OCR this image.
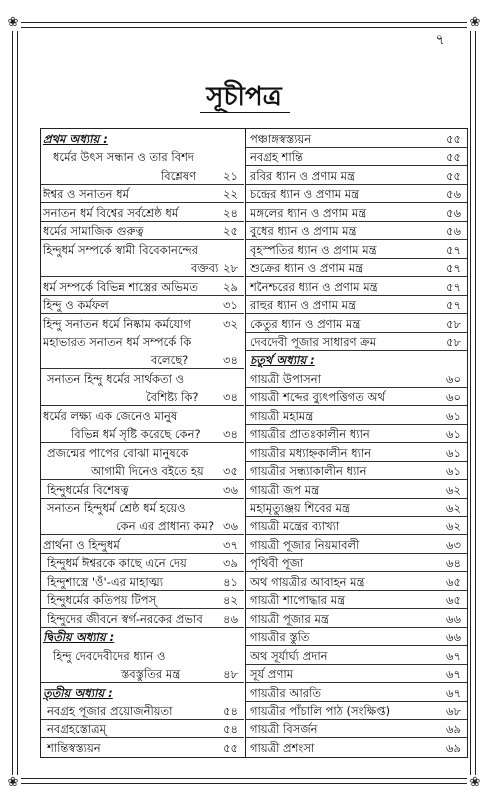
❀	❀
❀	❀
৭
সূচীপত্র
প্রথম অধ্যায় :
ধর্মের উৎস সন্ধান ও তার বিশদ
বিশ্লেষণ ২১
ঈশ্বর ও সনাতন ধর্ম	২২
সনাতন ধর্ম বিশ্বের সর্বশ্রেষ্ঠ ধর্ম	২৪
ধর্মের সামাজিক গুরুত্ব	২৫
হিন্দুধর্ম সম্পর্কে স্বামী বিবেকানন্দের
বক্তব্য ২৮
ধর্ম সম্পর্কে বিভিন্ন শাস্ত্রের অভিমত ২৯
হিন্দু ও কর্মফল	৩১
হিন্দু সনাতন ধর্মে নিষ্কাম কর্মযোগ	৩২
মহাভারত সনাতন ধর্ম সম্পর্কে কি
বলেছে?	৩৪
সনাতন হিন্দু ধর্মের সার্থকতা ও
বৈশিষ্ট্য কি? ৩৪
ধর্মের লক্ষ্য এক জেনেও মানুষ
বিভিন্ন ধর্ম সৃষ্টি করেছে কেন? ৩৪
প্রজন্মের পাপের বোঝা মানুষকে
আগামী দিনেও বইতে হয় ৩৫
হিন্দুধর্মের বিশেষত্ব	৩৬
সনাতন হিন্দুধর্ম শ্রেষ্ঠ ধর্ম হয়েও
কেন এর প্রাধান্য কম? ৩৬
প্রার্থনা ও হিন্দুধর্ম	৩৭
হিন্দুধর্ম ঈশ্বরকে কাছে এনে দেয়	৩৯
হিন্দুশাস্ত্রে 'ওঁ'-এর মাহাত্ম্য	৪১
হিন্দুধর্মের কতিপয় টিপস্	৪২
হিন্দুদের জীবনে স্বর্গ-নরকের প্রভাব ৪৬
দ্বিতীয় অধ্যায় :
হিন্দু দেবদেবীদের ধ্যান ও
স্তবস্তুতির মন্ত্র	৪৮
তৃতীয় অধ্যায় :
নবগ্রহ পূজার প্রয়োজনীয়তা	৫৪
নবগ্রহস্তোত্রম্	৫৪
শান্তিস্বস্ত্যয়ন	৫৫
পঞ্চাঙ্গস্বস্ত্যয়ন	৫৫
নবগ্রহ শান্তি	৫৫
রবির ধ্যান ও প্রণাম মন্ত্র	৫৫
চন্দ্রের ধ্যান ও প্রণাম মন্ত্র	৫৬
মঙ্গলের ধ্যান ও প্রণাম মন্ত্র	৫৬
বুধের ধ্যান ও প্রণাম মন্ত্র	৫৬
বৃহস্পতির ধ্যান ও প্রণাম মন্ত্র	৫৭
শুক্রের ধ্যান ও প্রণাম মন্ত্র	৫৭
শনৈশ্চরের ধ্যান ও প্রণাম মন্ত্র	৫৭
রাহুর ধ্যান ও প্রণাম মন্ত্র	৫৭
কেতুর ধ্যান ও প্রণাম মন্ত্র	৫৮
দেবদেবী পূজার সাধারণ ক্রম	৫৮
চতুর্থ অধ্যায় :
গায়ত্রী উপাসনা	৬০
গায়ত্রী শব্দের ব্যুৎপত্তিগত অর্থ	৬০
গায়ত্রী মহামন্ত্র	৬১
গায়ত্রীর প্রাতঃকালীন ধ্যান	৬১
গায়ত্রীর মধ্যাহ্নকালীন ধ্যান	৬১
গায়ত্রীর সন্ধ্যাকালীন ধ্যান	৬১
গায়ত্রী জপ মন্ত্র	৬২
মহামৃত্যুঞ্জয় শিবের মন্ত্র	৬২
গায়ত্রী মন্ত্রের ব্যাখ্যা	৬২
গায়ত্রী পূজার নিয়মাবলী	৬৩
পৃথিবী পূজা	৬৪
অথ গায়ত্রীর আবাহন মন্ত্র	৬৫
গায়ত্রী শাপোদ্ধার মন্ত্র	৬৫
গায়ত্রী পূজার মন্ত্র	৬৬
গায়ত্রীর স্তুতি	৬৬
অথ সূর্যার্ঘ্য প্রদান	৬৭
সূর্য প্রণাম	৬৭
গায়ত্রীর আরতি	৬৭
গায়ত্রীর পাঁচালি পাঠ (সংক্ষিপ্ত)	৬৮
গায়ত্রী বিসর্জন	৬৯
গায়ত্রী প্রশংসা	৬৯
